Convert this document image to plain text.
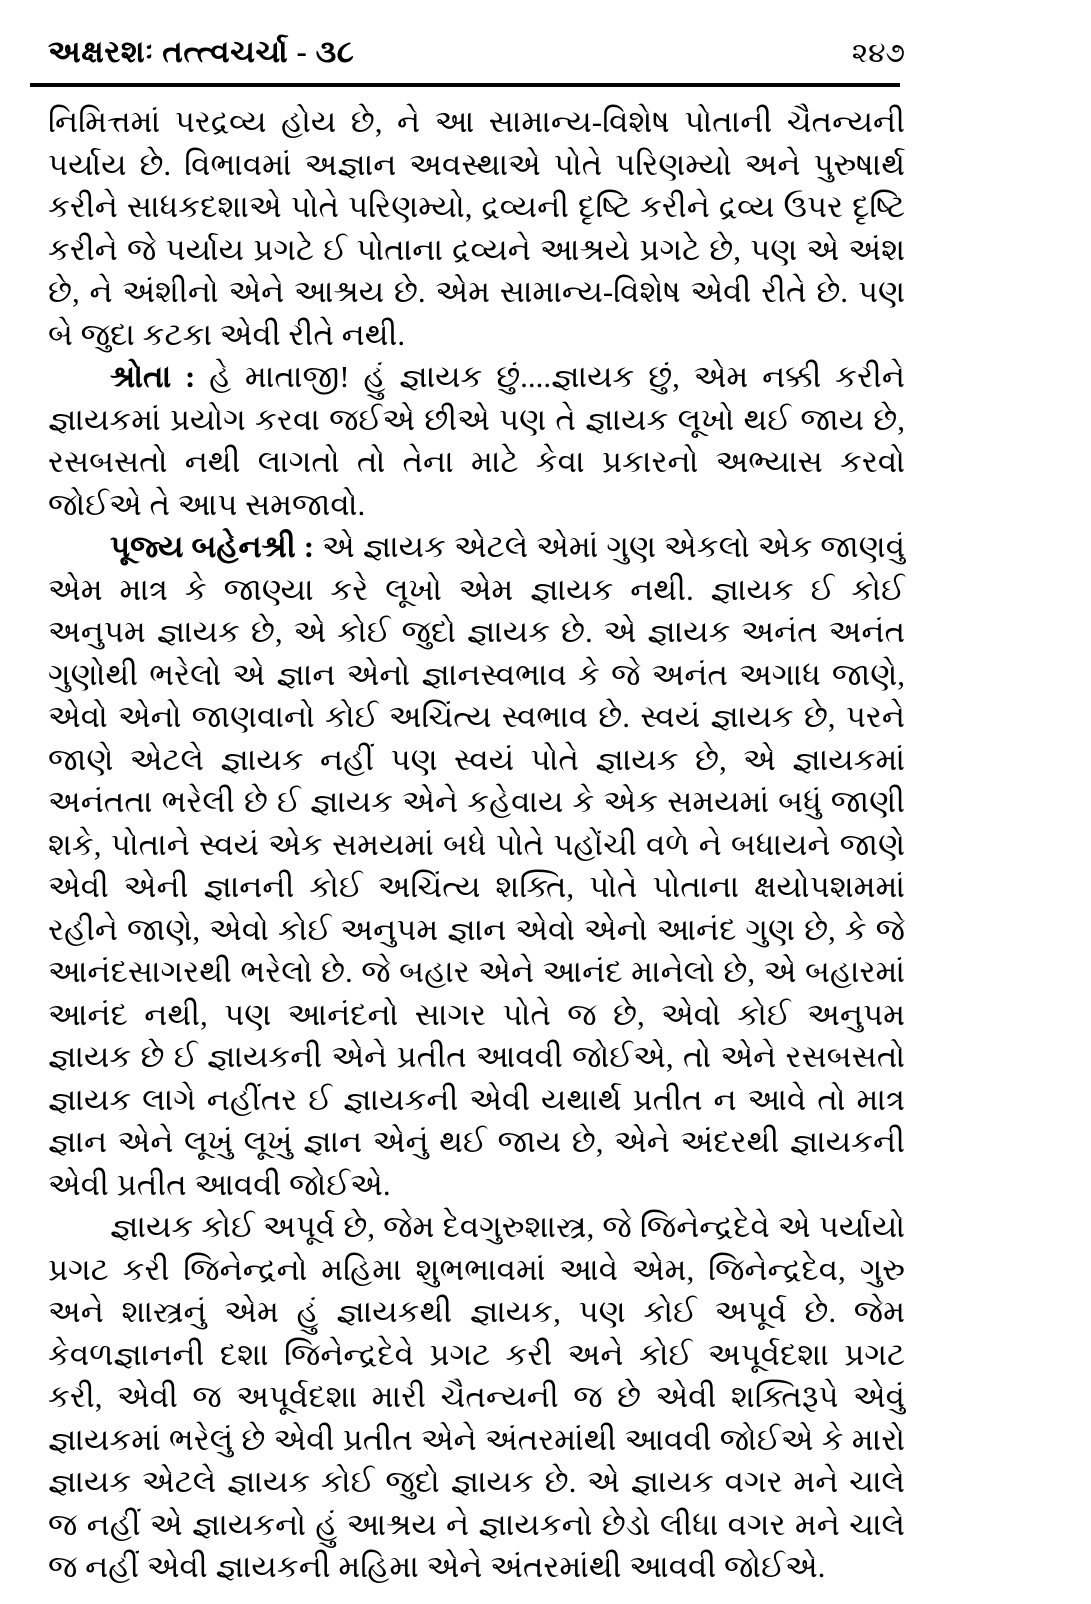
અક્ષરશઃ તત્ત્વચર્ચા - ૩૮	૨૪૭

નિમિત્તમાં પરદ્રવ્ય હોય છે, ને આ સામાન્ય-વિશેષ પોતાની ચૈતન્યની પર્યાય છે. વિભાવમાં અજ્ઞાન અવસ્થાએ પોતે પરિણમ્યો અને પુરુષાર્થ કરીને સાધકદશાએ પોતે પરિણમ્યો, દ્રવ્યની દૃષ્ટિ કરીને દ્રવ્ય ઉપર દૃષ્ટિ કરીને જે પર્યાય પ્રગટે ઈ પોતાના દ્રવ્યને આશ્રયે પ્રગટે છે, પણ એ અંશ છે, ને અંશીનો એને આશ્રય છે. એમ સામાન્ય-વિશેષ એવી રીતે છે. પણ બે જુદા કટકા એવી રીતે નથી.

શ્રોતા : હે માતાજી! હું જ્ઞાયક છું....જ્ઞાયક છું, એમ નક્કી કરીને જ્ઞાયકમાં પ્રયોગ કરવા જઈએ છીએ પણ તે જ્ઞાયક લૂખો થઈ જાય છે, રસબસતો નથી લાગતો તો તેના માટે કેવા પ્રકારનો અભ્યાસ કરવો જોઈએ તે આપ સમજાવો.

પૂજ્ય બહેનશ્રી : એ જ્ઞાયક એટલે એમાં ગુણ એકલો એક જાણવું એમ માત્ર કે જાણ્યા કરે લૂખો એમ જ્ઞાયક નથી. જ્ઞાયક ઈ કોઈ અનુપમ જ્ઞાયક છે, એ કોઈ જુદો જ્ઞાયક છે. એ જ્ઞાયક અનંત અનંત ગુણોથી ભરેલો એ જ્ઞાન એનો જ્ઞાનસ્વભાવ કે જે અનંત અગાધ જાણે, એવો એનો જાણવાનો કોઈ અચિંત્ય સ્વભાવ છે. સ્વયં જ્ઞાયક છે, પરને જાણે એટલે જ્ઞાયક નહીં પણ સ્વયં પોતે જ્ઞાયક છે, એ જ્ઞાયકમાં અનંતતા ભરેલી છે ઈ જ્ઞાયક એને કહેવાય કે એક સમયમાં બધું જાણી શકે, પોતાને સ્વયં એક સમયમાં બધે પોતે પહોંચી વળે ને બધાયને જાણે એવી એની જ્ઞાનની કોઈ અચિંત્ય શક્તિ, પોતે પોતાના ક્ષયોપશમમાં રહીને જાણે, એવો કોઈ અનુપમ જ્ઞાન એવો એનો આનંદ ગુણ છે, કે જે આનંદસાગરથી ભરેલો છે. જે બહાર એને આનંદ માનેલો છે, એ બહારમાં આનંદ નથી, પણ આનંદનો સાગર પોતે જ છે, એવો કોઈ અનુપમ જ્ઞાયક છે ઈ જ્ઞાયકની એને પ્રતીત આવવી જોઈએ, તો એને રસબસતો જ્ઞાયક લાગે નહીંતર ઈ જ્ઞાયકની એવી યથાર્થ પ્રતીત ન આવે તો માત્ર જ્ઞાન એને લૂખું લૂખું જ્ઞાન એનું થઈ જાય છે, એને અંદરથી જ્ઞાયકની એવી પ્રતીત આવવી જોઈએ.

જ્ઞાયક કોઈ અપૂર્વ છે, જેમ દેવગુરુશાસ્ત્ર, જે જિનેન્દ્રદેવે એ પર્યાયો પ્રગટ કરી જિનેન્દ્રનો મહિમા શુભભાવમાં આવે એમ, જિનેન્દ્રદેવ, ગુરુ અને શાસ્ત્રનું એમ હું જ્ઞાયકથી જ્ઞાયક, પણ કોઈ અપૂર્વ છે. જેમ કેવળજ્ઞાનની દશા જિનેન્દ્રદેવે પ્રગટ કરી અને કોઈ અપૂર્વદશા પ્રગટ કરી, એવી જ અપૂર્વદશા મારી ચૈતન્યની જ છે એવી શક્તિરૂપે એવું જ્ઞાયકમાં ભરેલું છે એવી પ્રતીત એને અંતરમાંથી આવવી જોઈએ કે મારો જ્ઞાયક એટલે જ્ઞાયક કોઈ જુદો જ્ઞાયક છે. એ જ્ઞાયક વગર મને ચાલે જ નહીં એ જ્ઞાયકનો હું આશ્રય ને જ્ઞાયકનો છેડો લીધા વગર મને ચાલે જ નહીં એવી જ્ઞાયકની મહિમા એને અંતરમાંથી આવવી જોઈએ.
